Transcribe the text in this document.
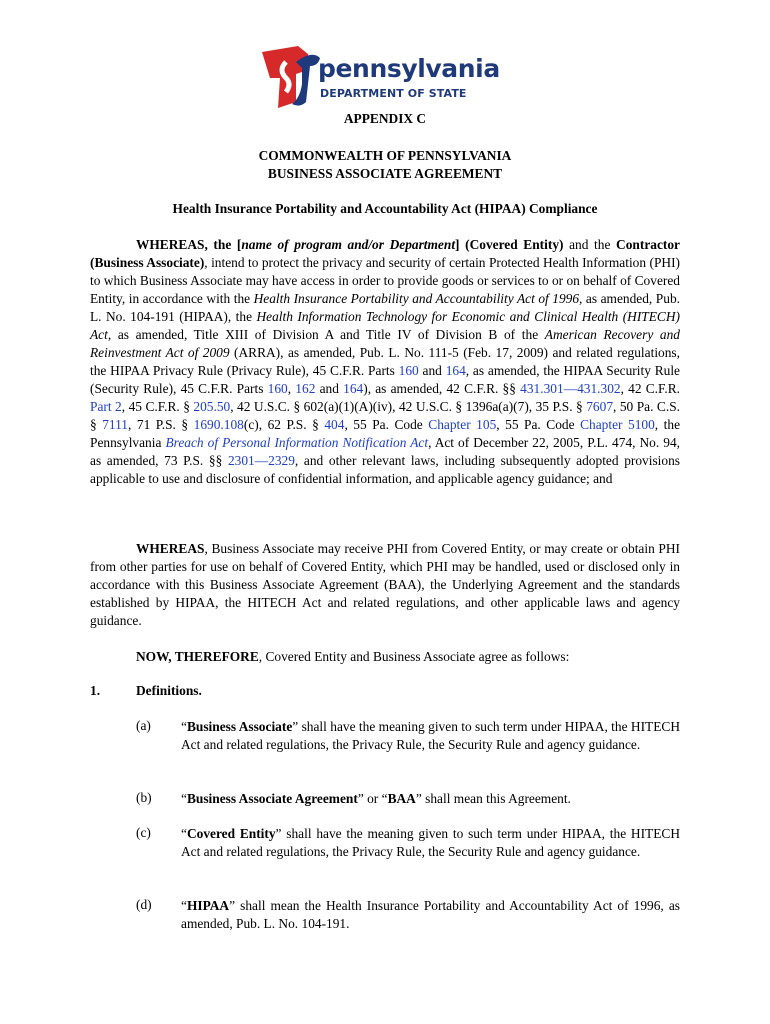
pennsylvania
DEPARTMENT OF STATE
APPENDIX C
COMMONWEALTH OF PENNSYLVANIA
BUSINESS ASSOCIATE AGREEMENT
Health Insurance Portability and Accountability Act (HIPAA) Compliance

WHEREAS, the [name of program and/or Department] (Covered Entity) and the Contractor (Business Associate), intend to protect the privacy and security of certain Protected Health Information (PHI) to which Business Associate may have access in order to provide goods or services to or on behalf of Covered Entity, in accordance with the Health Insurance Portability and Accountability Act of 1996, as amended, Pub. L. No. 104-191 (HIPAA), the Health Information Technology for Economic and Clinical Health (HITECH) Act, as amended, Title XIII of Division A and Title IV of Division B of the American Recovery and Reinvestment Act of 2009 (ARRA), as amended, Pub. L. No. 111-5 (Feb. 17, 2009) and related regulations, the HIPAA Privacy Rule (Privacy Rule), 45 C.F.R. Parts 160 and 164, as amended, the HIPAA Security Rule (Security Rule), 45 C.F.R. Parts 160, 162 and 164), as amended, 42 C.F.R. §§ 431.301—431.302, 42 C.F.R. Part 2, 45 C.F.R. § 205.50, 42 U.S.C. § 602(a)(1)(A)(iv), 42 U.S.C. § 1396a(a)(7), 35 P.S. § 7607, 50 Pa. C.S. § 7111, 71 P.S. § 1690.108(c), 62 P.S. § 404, 55 Pa. Code Chapter 105, 55 Pa. Code Chapter 5100, the Pennsylvania Breach of Personal Information Notification Act, Act of December 22, 2005, P.L. 474, No. 94, as amended, 73 P.S. §§ 2301—2329, and other relevant laws, including subsequently adopted provisions applicable to use and disclosure of confidential information, and applicable agency guidance; and

WHEREAS, Business Associate may receive PHI from Covered Entity, or may create or obtain PHI from other parties for use on behalf of Covered Entity, which PHI may be handled, used or disclosed only in accordance with this Business Associate Agreement (BAA), the Underlying Agreement and the standards established by HIPAA, the HITECH Act and related regulations, and other applicable laws and agency guidance.

NOW, THEREFORE, Covered Entity and Business Associate agree as follows:

1.	Definitions.
(a) “Business Associate” shall have the meaning given to such term under HIPAA, the HITECH Act and related regulations, the Privacy Rule, the Security Rule and agency guidance.
(b) “Business Associate Agreement” or “BAA” shall mean this Agreement.
(c) “Covered Entity” shall have the meaning given to such term under HIPAA, the HITECH Act and related regulations, the Privacy Rule, the Security Rule and agency guidance.
(d) “HIPAA” shall mean the Health Insurance Portability and Accountability Act of 1996, as amended, Pub. L. No. 104-191.
